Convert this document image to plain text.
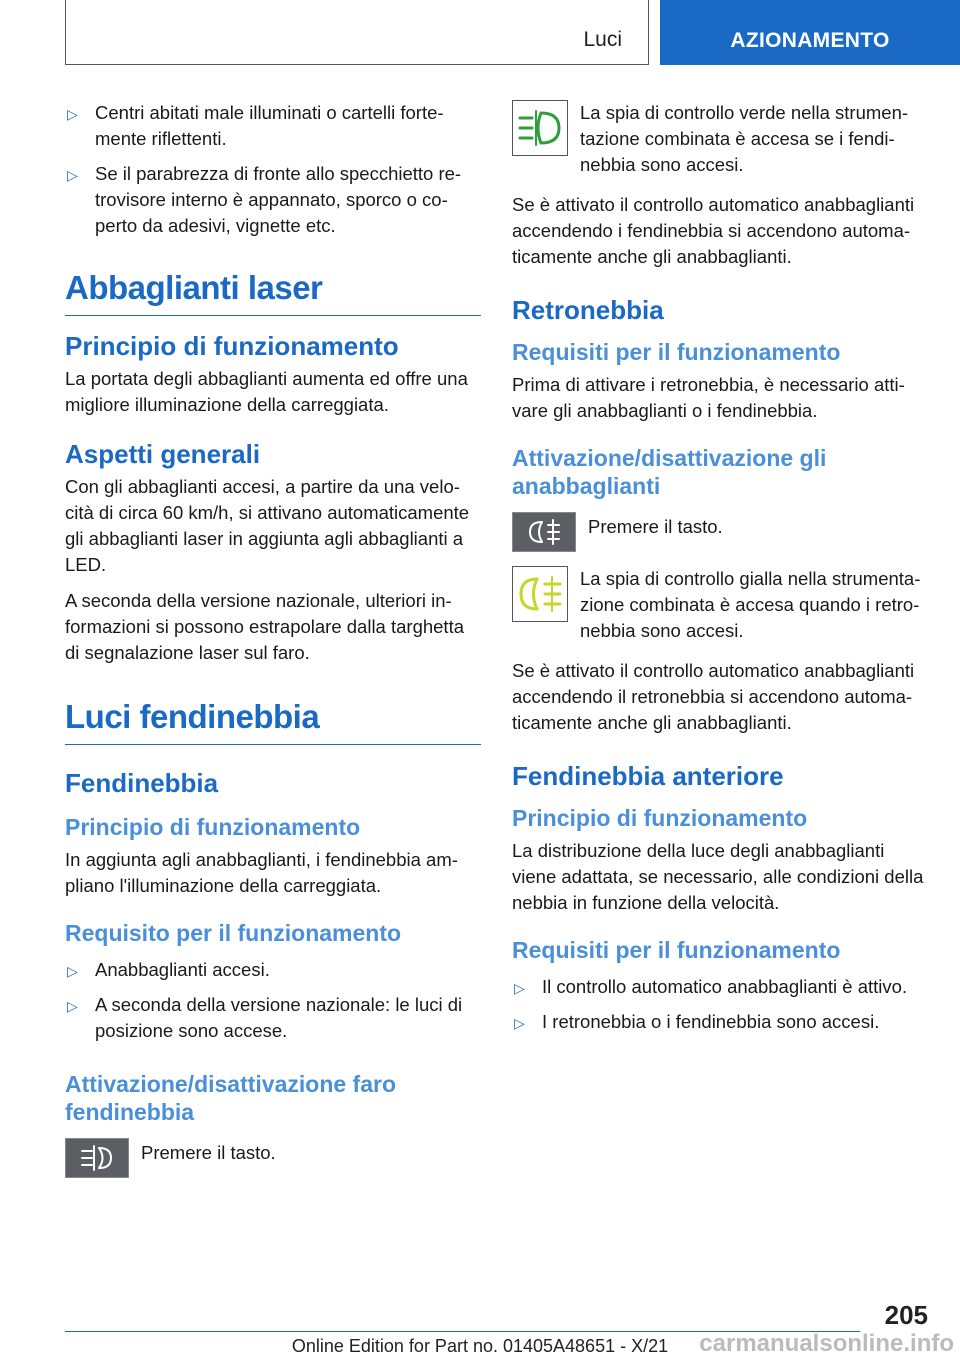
Luci	AZIONAMENTO
▷ Centri abitati male illuminati o cartelli forte-mente riflettenti.
▷ Se il parabrezza di fronte allo specchietto re-trovisore interno è appannato, sporco o co-perto da adesivi, vignette etc.
Abbaglianti laser
Principio di funzionamento

La portata degli abbaglianti aumenta ed offre una migliore illuminazione della carreggiata.

Aspetti generali

Con gli abbaglianti accesi, a partire da una velo-cità di circa 60 km/h, si attivano automaticamente gli abbaglianti laser in aggiunta agli abbaglianti a LED.

A seconda della versione nazionale, ulteriori in-formazioni si possono estrapolare dalla targhetta di segnalazione laser sul faro.

Luci fendinebbia
Fendinebbia
Principio di funzionamento

In aggiunta agli anabbaglianti, i fendinebbia am-pliano l'illuminazione della carreggiata.

Requisito per il funzionamento
▷ Anabbaglianti accesi.
▷ A seconda della versione nazionale: le luci di posizione sono accese.
Attivazione/disattivazione faro fendinebbia
Premere il tasto.
La spia di controllo verde nella strumen-tazione combinata è accesa se i fendi-nebbia sono accesi.

Se è attivato il controllo automatico anabbaglianti accendendo i fendinebbia si accendono automa-ticamente anche gli anabbaglianti.

Retronebbia
Requisiti per il funzionamento

Prima di attivare i retronebbia, è necessario atti-vare gli anabbaglianti o i fendinebbia.

Attivazione/disattivazione gli anabbaglianti
Premere il tasto.
La spia di controllo gialla nella strumenta-zione combinata è accesa quando i retro-nebbia sono accesi.

Se è attivato il controllo automatico anabbaglianti accendendo il retronebbia si accendono automa-ticamente anche gli anabbaglianti.

Fendinebbia anteriore
Principio di funzionamento

La distribuzione della luce degli anabbaglianti viene adattata, se necessario, alle condizioni della nebbia in funzione della velocità.

Requisiti per il funzionamento
▷ Il controllo automatico anabbaglianti è attivo.
▷ I retronebbia o i fendinebbia sono accesi.
205
Online Edition for Part no. 01405A48651 - X/21	carmanualsonline.info
